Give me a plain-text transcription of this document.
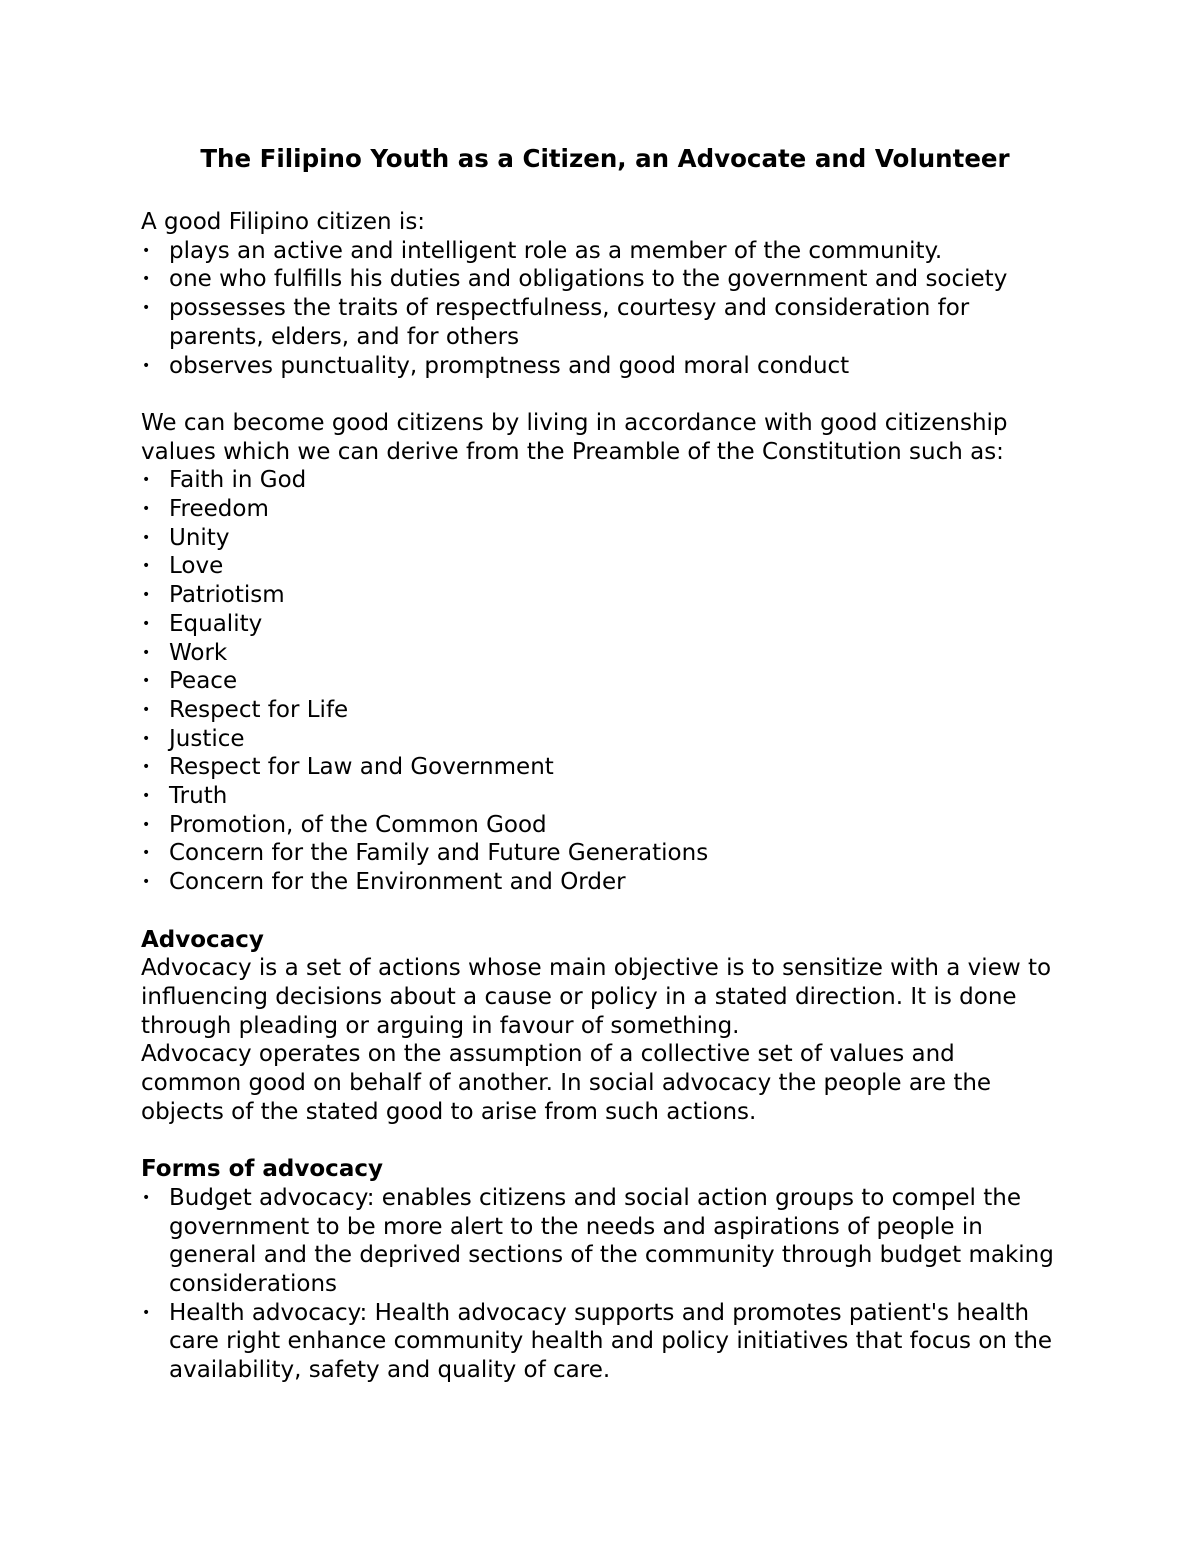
The Filipino Youth as a Citizen, an Advocate and Volunteer

A good Filipino citizen is:

• plays an active and intelligent role as a member of the community.
• one who fulfills his duties and obligations to the government and society
• possesses the traits of respectfulness, courtesy and consideration for parents, elders, and for others
• observes punctuality, promptness and good moral conduct

We can become good citizens by living in accordance with good citizenship values which we can derive from the Preamble of the Constitution such as:

• Faith in God
• Freedom
• Unity
• Love
• Patriotism
• Equality
• Work
• Peace
• Respect for Life
• Justice
• Respect for Law and Government
• Truth
• Promotion, of the Common Good
• Concern for the Family and Future Generations
• Concern for the Environment and Order

Advocacy

Advocacy is a set of actions whose main objective is to sensitize with a view to influencing decisions about a cause or policy in a stated direction. It is done through pleading or arguing in favour of something.

Advocacy operates on the assumption of a collective set of values and common good on behalf of another. In social advocacy the people are the objects of the stated good to arise from such actions.

Forms of advocacy

• Budget advocacy: enables citizens and social action groups to compel the government to be more alert to the needs and aspirations of people in general and the deprived sections of the community through budget making considerations
• Health advocacy: Health advocacy supports and promotes patient's health care right enhance community health and policy initiatives that focus on the availability, safety and quality of care.
